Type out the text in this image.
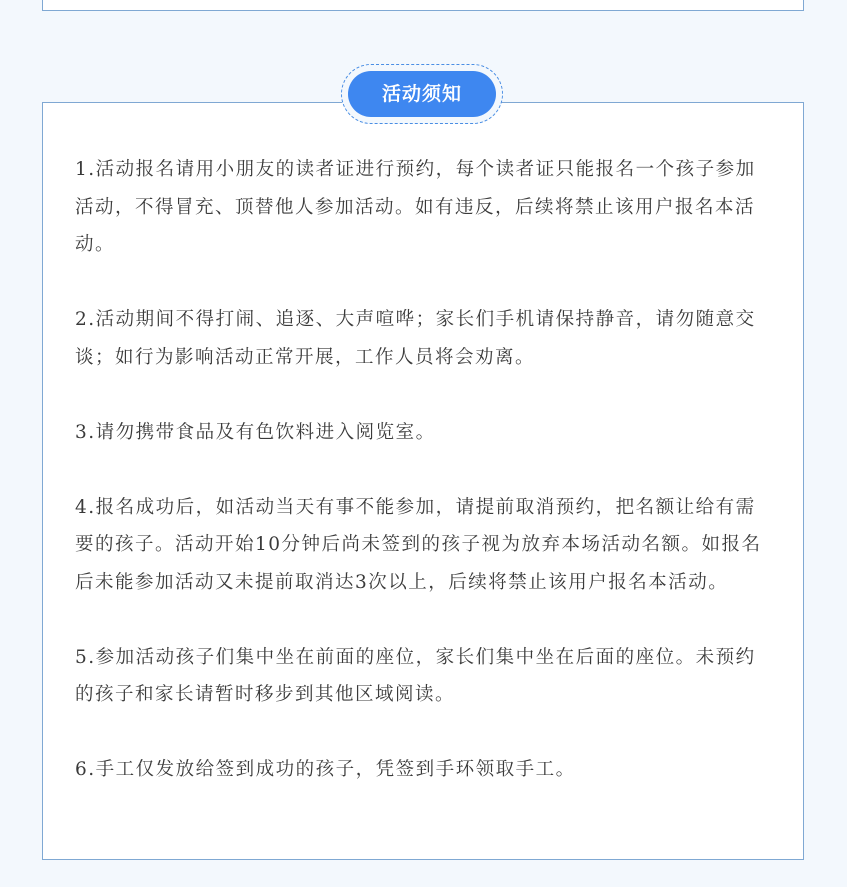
1.活动报名请用小朋友的读者证进行预约，每个读者证只能报名一个孩子参加活动，不得冒充、顶替他人参加活动。如有违反，后续将禁止该用户报名本活动。
2.活动期间不得打闹、追逐、大声喧哗；家长们手机请保持静音，请勿随意交谈；如行为影响活动正常开展，工作人员将会劝离。
3.请勿携带食品及有色饮料进入阅览室。
4.报名成功后，如活动当天有事不能参加，请提前取消预约，把名额让给有需要的孩子。活动开始10分钟后尚未签到的孩子视为放弃本场活动名额。如报名后未能参加活动又未提前取消达3次以上，后续将禁止该用户报名本活动。
5.参加活动孩子们集中坐在前面的座位，家长们集中坐在后面的座位。未预约的孩子和家长请暂时移步到其他区域阅读。
6.手工仅发放给签到成功的孩子，凭签到手环领取手工。
活动须知
